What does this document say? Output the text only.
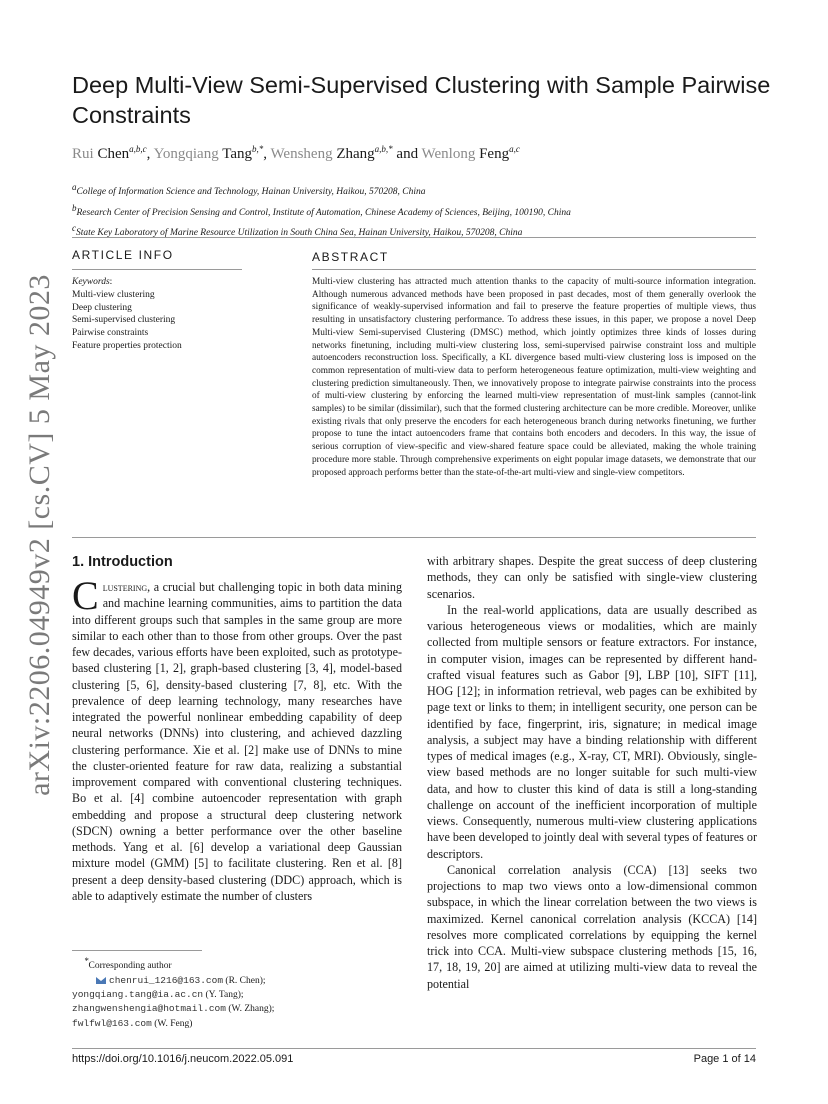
arXiv:2206.04949v2 [cs.CV] 5 May 2023
Deep Multi-View Semi-Supervised Clustering with Sample Pairwise Constraints
Rui Chen$^{a,b,c}$, Yongqiang Tang$^{b,*}$, Wensheng Zhang$^{a,b,*}$ and Wenlong Feng$^{a,c}$
$^a$College of Information Science and Technology, Hainan University, Haikou, 570208, China
$^b$Research Center of Precision Sensing and Control, Institute of Automation, Chinese Academy of Sciences, Beijing, 100190, China
$^c$State Key Laboratory of Marine Resource Utilization in South China Sea, Hainan University, Haikou, 570208, China
ARTICLE INFO	ABSTRACT
Keywords:
Multi-view clustering
Deep clustering
Semi-supervised clustering
Pairwise constraints
Feature properties protection
Multi-view clustering has attracted much attention thanks to the capacity of multi-source information integration. Although numerous advanced methods have been proposed in past decades, most of them generally overlook the significance of weakly-supervised information and fail to preserve the feature properties of multiple views, thus resulting in unsatisfactory clustering performance. To address these issues, in this paper, we propose a novel Deep Multi-view Semi-supervised Clustering (DMSC) method, which jointly optimizes three kinds of losses during networks finetuning, including multi-view clustering loss, semi-supervised pairwise constraint loss and multiple autoencoders reconstruction loss. Specifically, a KL divergence based multi-view clustering loss is imposed on the common representation of multi-view data to perform heterogeneous feature optimization, multi-view weighting and clustering prediction simultaneously. Then, we innovatively propose to integrate pairwise constraints into the process of multi-view clustering by enforcing the learned multi-view representation of must-link samples (cannot-link samples) to be similar (dissimilar), such that the formed clustering architecture can be more credible. Moreover, unlike existing rivals that only preserve the encoders for each heterogeneous branch during networks finetuning, we further propose to tune the intact autoencoders frame that contains both encoders and decoders. In this way, the issue of serious corruption of view-specific and view-shared feature space could be alleviated, making the whole training procedure more stable. Through comprehensive experiments on eight popular image datasets, we demonstrate that our proposed approach performs better than the state-of-the-art multi-view and single-view competitors.
1. Introduction

Clustering, a crucial but challenging topic in both data mining and machine learning communities, aims to partition the data into different groups such that samples in the same group are more similar to each other than to those from other groups. Over the past few decades, various efforts have been exploited, such as prototype-based clustering [1, 2], graph-based clustering [3, 4], model-based clustering [5, 6], density-based clustering [7, 8], etc. With the prevalence of deep learning technology, many researches have integrated the powerful nonlinear embedding capability of deep neural networks (DNNs) into clustering, and achieved dazzling clustering performance. Xie et al. [2] make use of DNNs to mine the cluster-oriented feature for raw data, realizing a substantial improvement compared with conventional clustering techniques. Bo et al. [4] combine autoencoder representation with graph embedding and propose a structural deep clustering network (SDCN) owning a better performance over the other baseline methods. Yang et al. [6] develop a variational deep Gaussian mixture model (GMM) [5] to facilitate clustering. Ren et al. [8] present a deep density-based clustering (DDC) approach, which is able to adaptively estimate the number of clusters

with arbitrary shapes. Despite the great success of deep clustering methods, they can only be satisfied with single-view clustering scenarios.

In the real-world applications, data are usually described as various heterogeneous views or modalities, which are mainly collected from multiple sensors or feature extractors. For instance, in computer vision, images can be represented by different hand-crafted visual features such as Gabor [9], LBP [10], SIFT [11], HOG [12]; in information retrieval, web pages can be exhibited by page text or links to them; in intelligent security, one person can be identified by face, fingerprint, iris, signature; in medical image analysis, a subject may have a binding relationship with different types of medical images (e.g., X-ray, CT, MRI). Obviously, single-view based methods are no longer suitable for such multi-view data, and how to cluster this kind of data is still a long-standing challenge on account of the inefficient incorporation of multiple views. Consequently, numerous multi-view clustering applications have been developed to jointly deal with several types of features or descriptors.

Canonical correlation analysis (CCA) [13] seeks two projections to map two views onto a low-dimensional common subspace, in which the linear correlation between the two views is maximized. Kernel canonical correlation analysis (KCCA) [14] resolves more complicated correlations by equipping the kernel trick into CCA. Multi-view subspace clustering methods [15, 16, 17, 18, 19, 20] are aimed at utilizing multi-view data to reveal the potential

*Corresponding author
chenrui_1216@163.com (R. Chen);
yongqiang.tang@ia.ac.cn (Y. Tang);
zhangwenshengia@hotmail.com (W. Zhang);
fwlfwl@163.com (W. Feng)
https://doi.org/10.1016/j.neucom.2022.05.091	Page 1 of 14
